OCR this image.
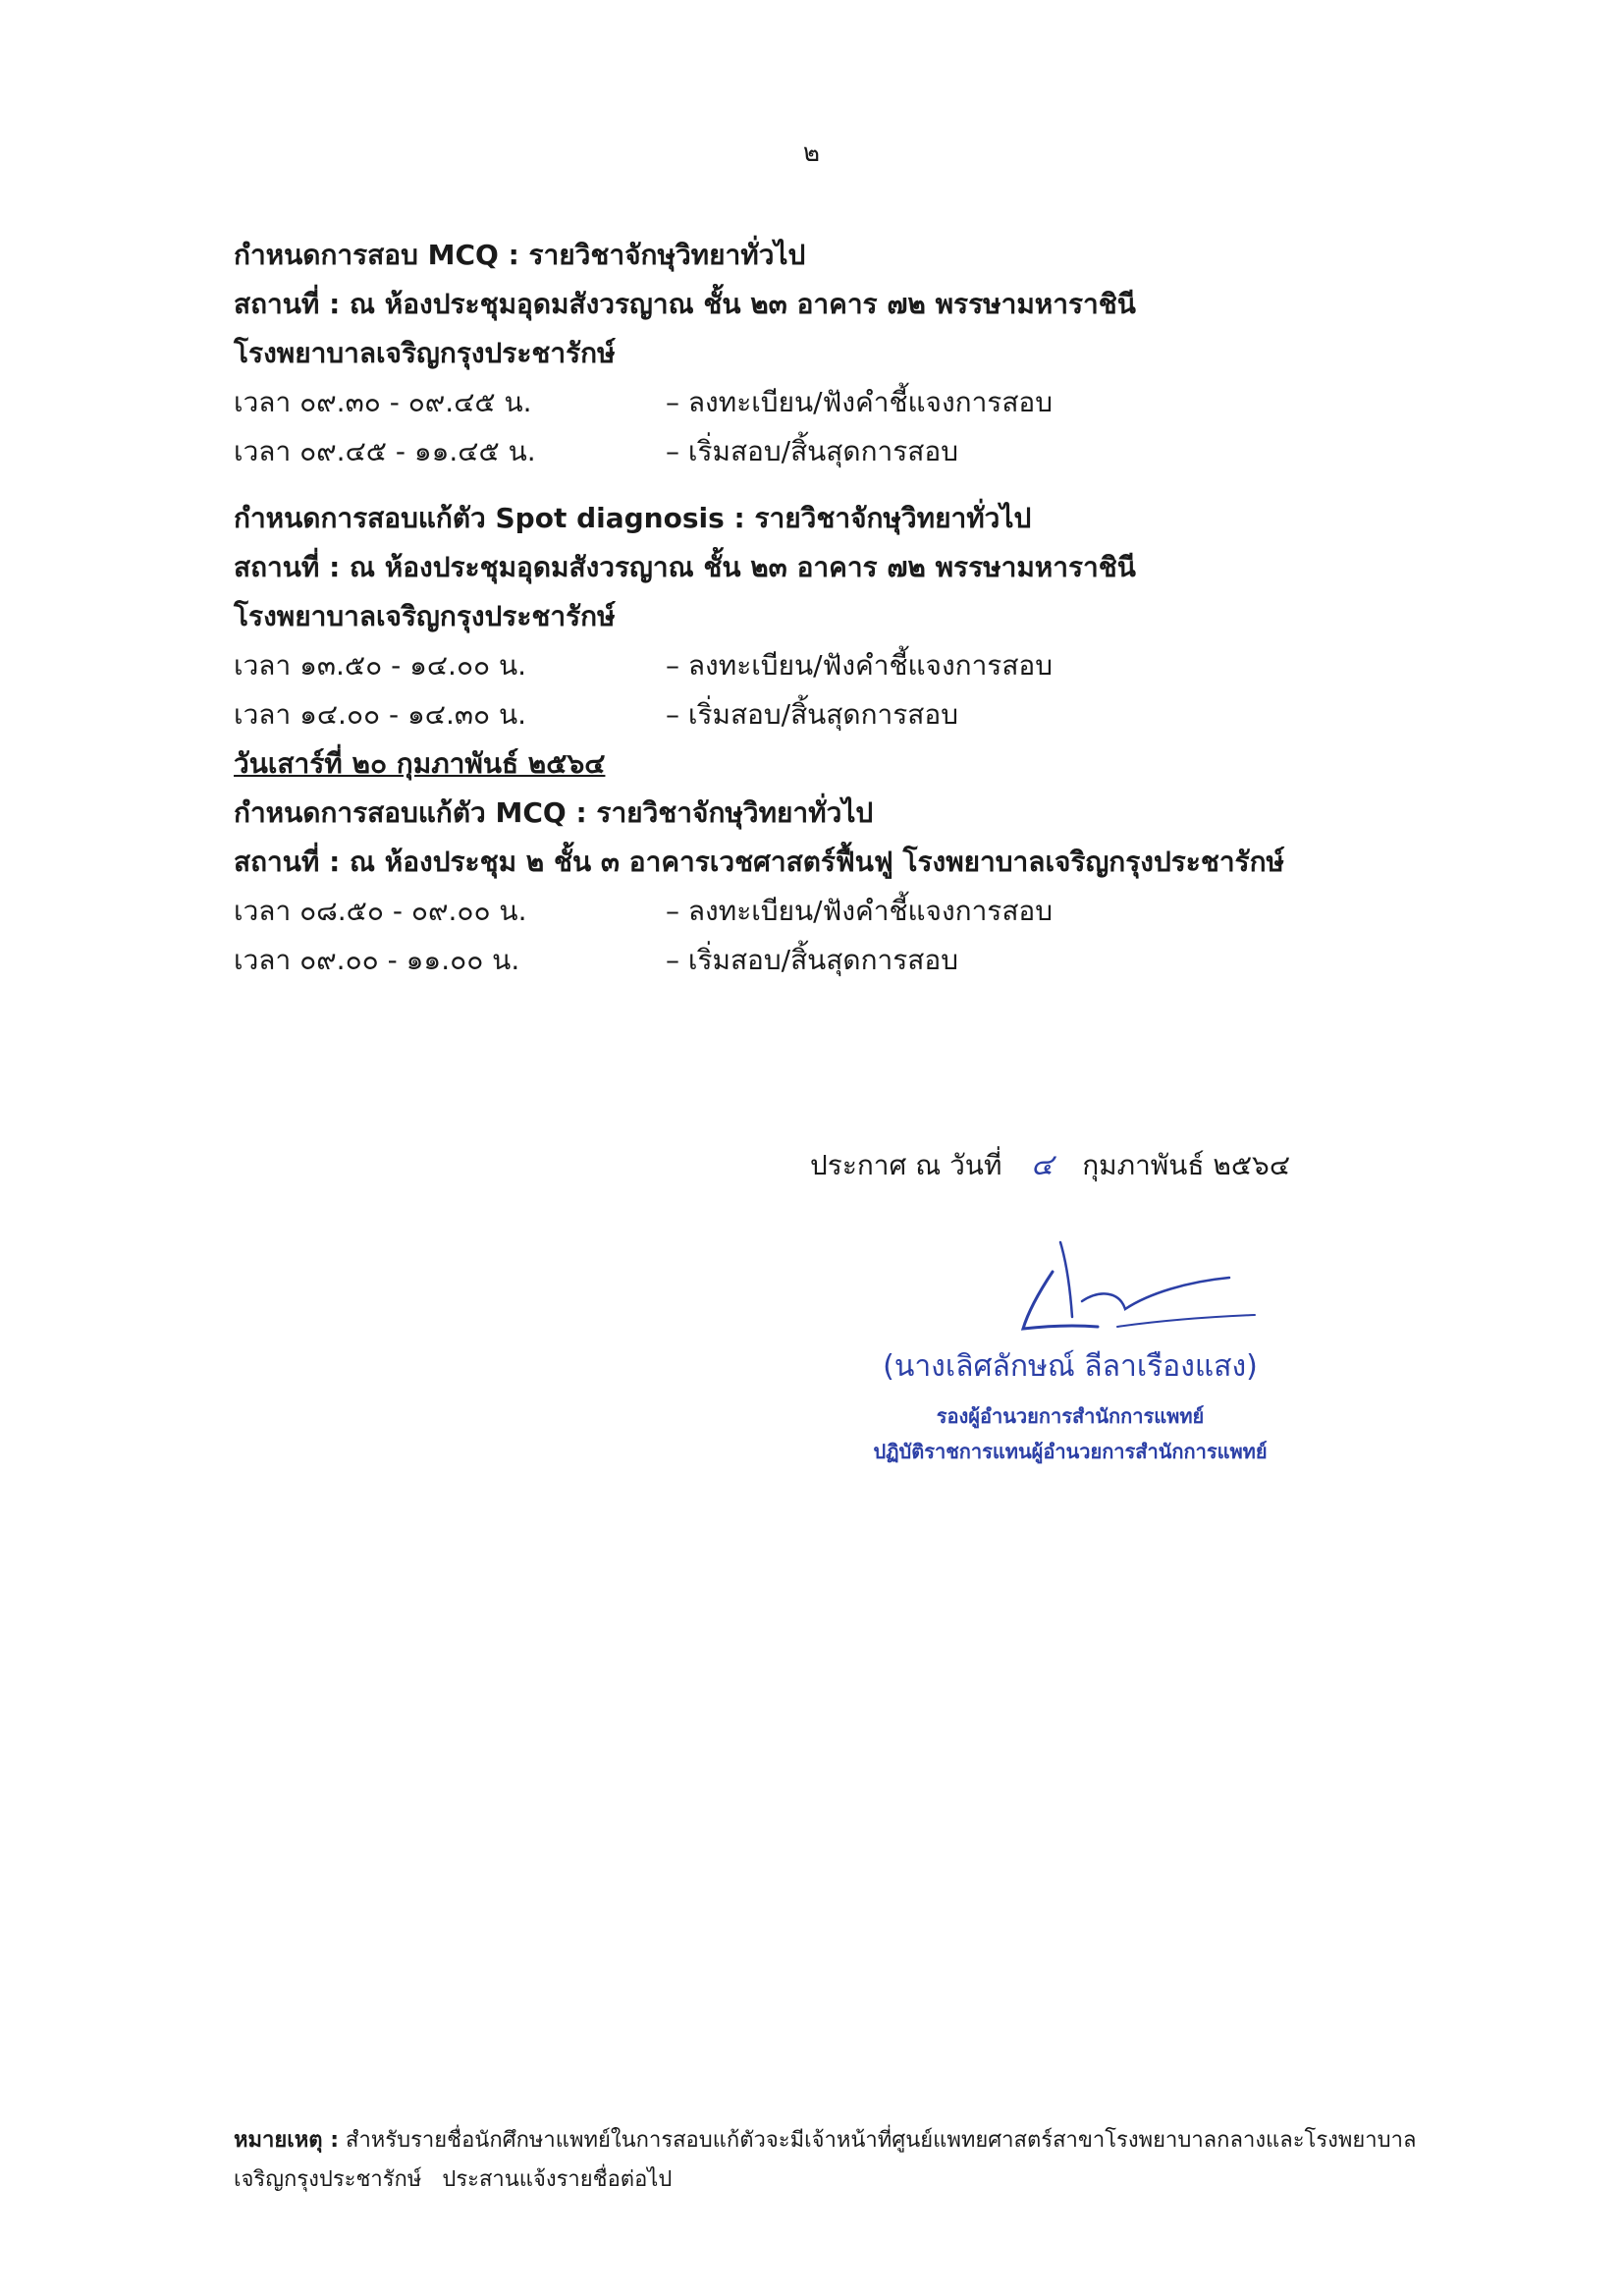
๒
กำหนดการสอบ MCQ : รายวิชาจักษุวิทยาทั่วไป
สถานที่ : ณ ห้องประชุมอุดมสังวรญาณ ชั้น ๒๓ อาคาร ๗๒ พรรษามหาราชินี
โรงพยาบาลเจริญกรุงประชารักษ์
เวลา ๐๙.๓๐ - ๐๙.๔๕ น.	– ลงทะเบียน/ฟังคำชี้แจงการสอบ
เวลา ๐๙.๔๕ - ๑๑.๔๕ น.	– เริ่มสอบ/สิ้นสุดการสอบ
กำหนดการสอบแก้ตัว Spot diagnosis : รายวิชาจักษุวิทยาทั่วไป
สถานที่ : ณ ห้องประชุมอุดมสังวรญาณ ชั้น ๒๓ อาคาร ๗๒ พรรษามหาราชินี
โรงพยาบาลเจริญกรุงประชารักษ์
เวลา ๑๓.๕๐ - ๑๔.๐๐ น.	– ลงทะเบียน/ฟังคำชี้แจงการสอบ
เวลา ๑๔.๐๐ - ๑๔.๓๐ น.	– เริ่มสอบ/สิ้นสุดการสอบ
วันเสาร์ที่ ๒๐ กุมภาพันธ์ ๒๕๖๔
กำหนดการสอบแก้ตัว MCQ : รายวิชาจักษุวิทยาทั่วไป
สถานที่ : ณ ห้องประชุม ๒ ชั้น ๓ อาคารเวชศาสตร์ฟื้นฟู โรงพยาบาลเจริญกรุงประชารักษ์
เวลา ๐๘.๕๐ - ๐๙.๐๐ น.	– ลงทะเบียน/ฟังคำชี้แจงการสอบ
เวลา ๐๙.๐๐ - ๑๑.๐๐ น.	– เริ่มสอบ/สิ้นสุดการสอบ
ประกาศ ณ วันที่ ๔ กุมภาพันธ์ ๒๕๖๔
(นางเลิศลักษณ์ ลีลาเรืองแสง)
รองผู้อำนวยการสำนักการแพทย์
ปฏิบัติราชการแทนผู้อำนวยการสำนักการแพทย์
หมายเหตุ : สำหรับรายชื่อนักศึกษาแพทย์ในการสอบแก้ตัวจะมีเจ้าหน้าที่ศูนย์แพทยศาสตร์สาขาโรงพยาบาลกลางและโรงพยาบาล
เจริญกรุงประชารักษ์   ประสานแจ้งรายชื่อต่อไป
